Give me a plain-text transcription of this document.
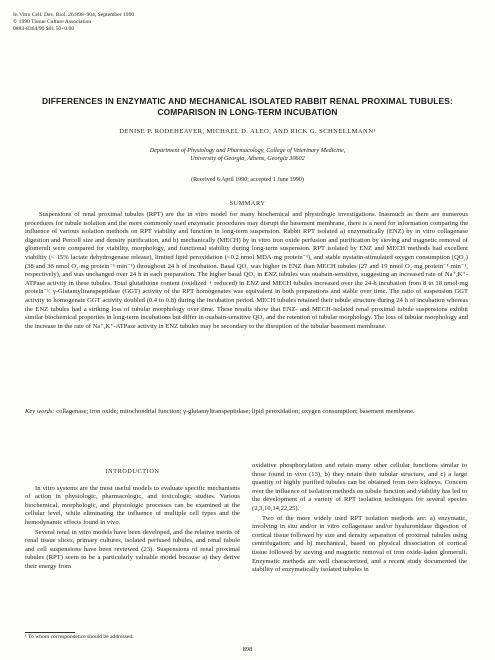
In Vitro Cell. Dev. Biol. 26:898–904, September 1990
© 1990 Tissue Culture Association
0883-8364/90 $01.50+0.00
DIFFERENCES IN ENZYMATIC AND MECHANICAL ISOLATED RABBIT RENAL PROXIMAL TUBULES: COMPARISON IN LONG-TERM INCUBATION
DENISE P. RODEHEAVER, MICHAEL D. ALEO, AND RICK G. SCHNELLMANN¹
Department of Physiology and Pharmacology, College of Veterinary Medicine,
University of Georgia, Athens, Georgia 30602
(Received 6 April 1990; accepted 1 June 1990)
SUMMARY

Suspensions of renal proximal tubules (RPT) are the in vitro model for many biochemical and physiologic investigations. Inasmuch as there are numerous procedures for tubule isolation and the more commonly used enzymatic procedures may disrupt the basement membrane, there is a need for information comparing the influence of various isolation methods on RPT viability and function in long-term suspension. Rabbit RPT isolated a) enzymatically (ENZ) by in vitro collagenase digestion and Percoll size and density purification, and b) mechanically (MECH) by in vitro iron oxide perfusion and purification by sieving and magnetic removal of glomeruli were compared for viability, morphology, and functional stability during long-term suspension. RPT isolated by ENZ and MECH methods had excellent viability (< 15% lactate dehydrogenase release), limited lipid peroxidation (<0.2 nmol MDA·mg protein⁻¹), and stable nystatin-stimulated oxygen consumption (QO₂) (38 and 36 nmol O₂·mg protein⁻¹·min⁻¹) throughout 24 h of incubation. Basal QO₂ was higher in ENZ than MECH tubules (27 and 19 nmol O₂·mg protein⁻¹·min⁻¹, respectively), and was unchanged over 24 h in each preparation. The higher basal QO₂ in ENZ tubules was ouabain-sensitive, suggesting an increased rate of Na⁺,K⁺-ATPase activity in these tubules. Total glutathione content (oxidized + reduced) in ENZ and MECH tubules increased over the 24-h incubation from 8 to 18 nmol·mg protein⁻¹. γ-Glutamyltranspeptidase (GGT) activity of the RPT homogenates was equivalent in both preparations and stable over time. The ratio of suspension GGT activity to homogenate GGT activity doubled (0.4 to 0.8) during the incubation period. MECH tubules retained their tubule structure during 24 h of incubation whereas the ENZ tubules had a striking loss of tubular morphology over time. These results show that ENZ- and MECH-isolated renal proximal tubule suspensions exhibit similar biochemical properties in long-term incubations but differ in ouabain-sensitive QO₂ and the retention of tubular morphology. The loss of tubular morphology and the increase in the rate of Na⁺,K⁺-ATPase activity in ENZ tubules may be secondary to the disruption of the tubular basement membrane.

Key words: collagenase; iron oxide; mitochondrial function; γ-glutamyltranspeptidase; lipid peroxidation; oxygen consumption; basement membrane.
INTRODUCTION

In vitro systems are the most useful models to evaluate specific mechanisms of action in physiologic, pharmacologic, and toxicologic studies. Various biochemical, morphologic, and physiologic processes can be examined at the cellular level, while eliminating the influence of multiple cell types and the hemodynamic effects found in vivo.

Several renal in vitro models have been developed, and the relative merits of renal tissue slices, primary cultures, isolated perfused tubules, and renal tubule and cell suspensions have been reviewed (23). Suspensions of renal proximal tubules (RPT) seem to be a particularly valuable model because a) they derive their energy from

oxidative phosphorylation and retain many other cellular functions similar to those found in vivo (13), b) they retain their tubular structure, and c) a large quantity of highly purified tubules can be obtained from two kidneys. Concern over the influence of isolation methods on tubule function and viability has led to the development of a variety of RPT isolation techniques for several species (2,3,10,14,22,25).

Two of the more widely used RPT isolation methods are: a) enzymatic, involving in situ and/or in vitro collagenase and/or hyaluronidase digestion of cortical tissue followed by size and density separation of proximal tubules using centrifugation; and b) mechanical, based on physical dissociation of cortical tissue followed by sieving and magnetic removal of iron oxide-laden glomeruli. Enzymatic methods are well characterized, and a recent study documented the stability of enzymatically isolated tubules in

¹ To whom correspondence should be addressed.
898
